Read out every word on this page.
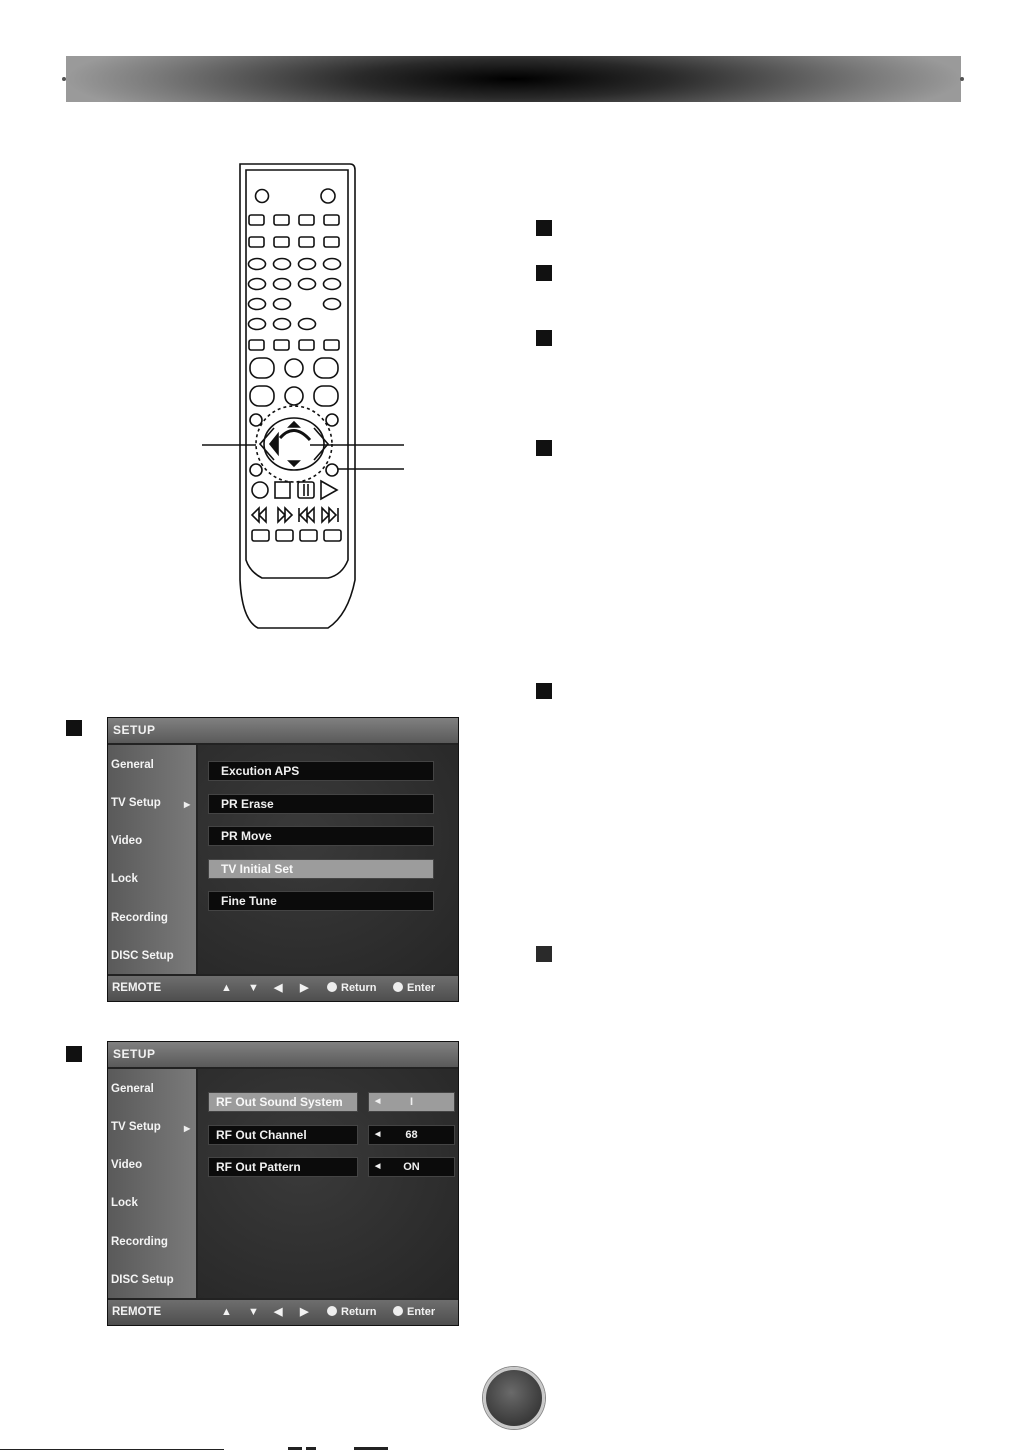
SETUP
General
TV Setup	▶
Video
Lock
Recording
DISC Setup
Excution APS
PR Erase
PR Move
TV Initial Set
Fine Tune
REMOTE	▲ ▼ ◀ ▶	Return	Enter
SETUP
General
TV Setup	▶
Video
Lock
Recording
DISC Setup
RF Out Sound System	◀	I
RF Out Channel	◀	68
RF Out Pattern	◀	ON
REMOTE	▲ ▼ ◀ ▶	Return	Enter
